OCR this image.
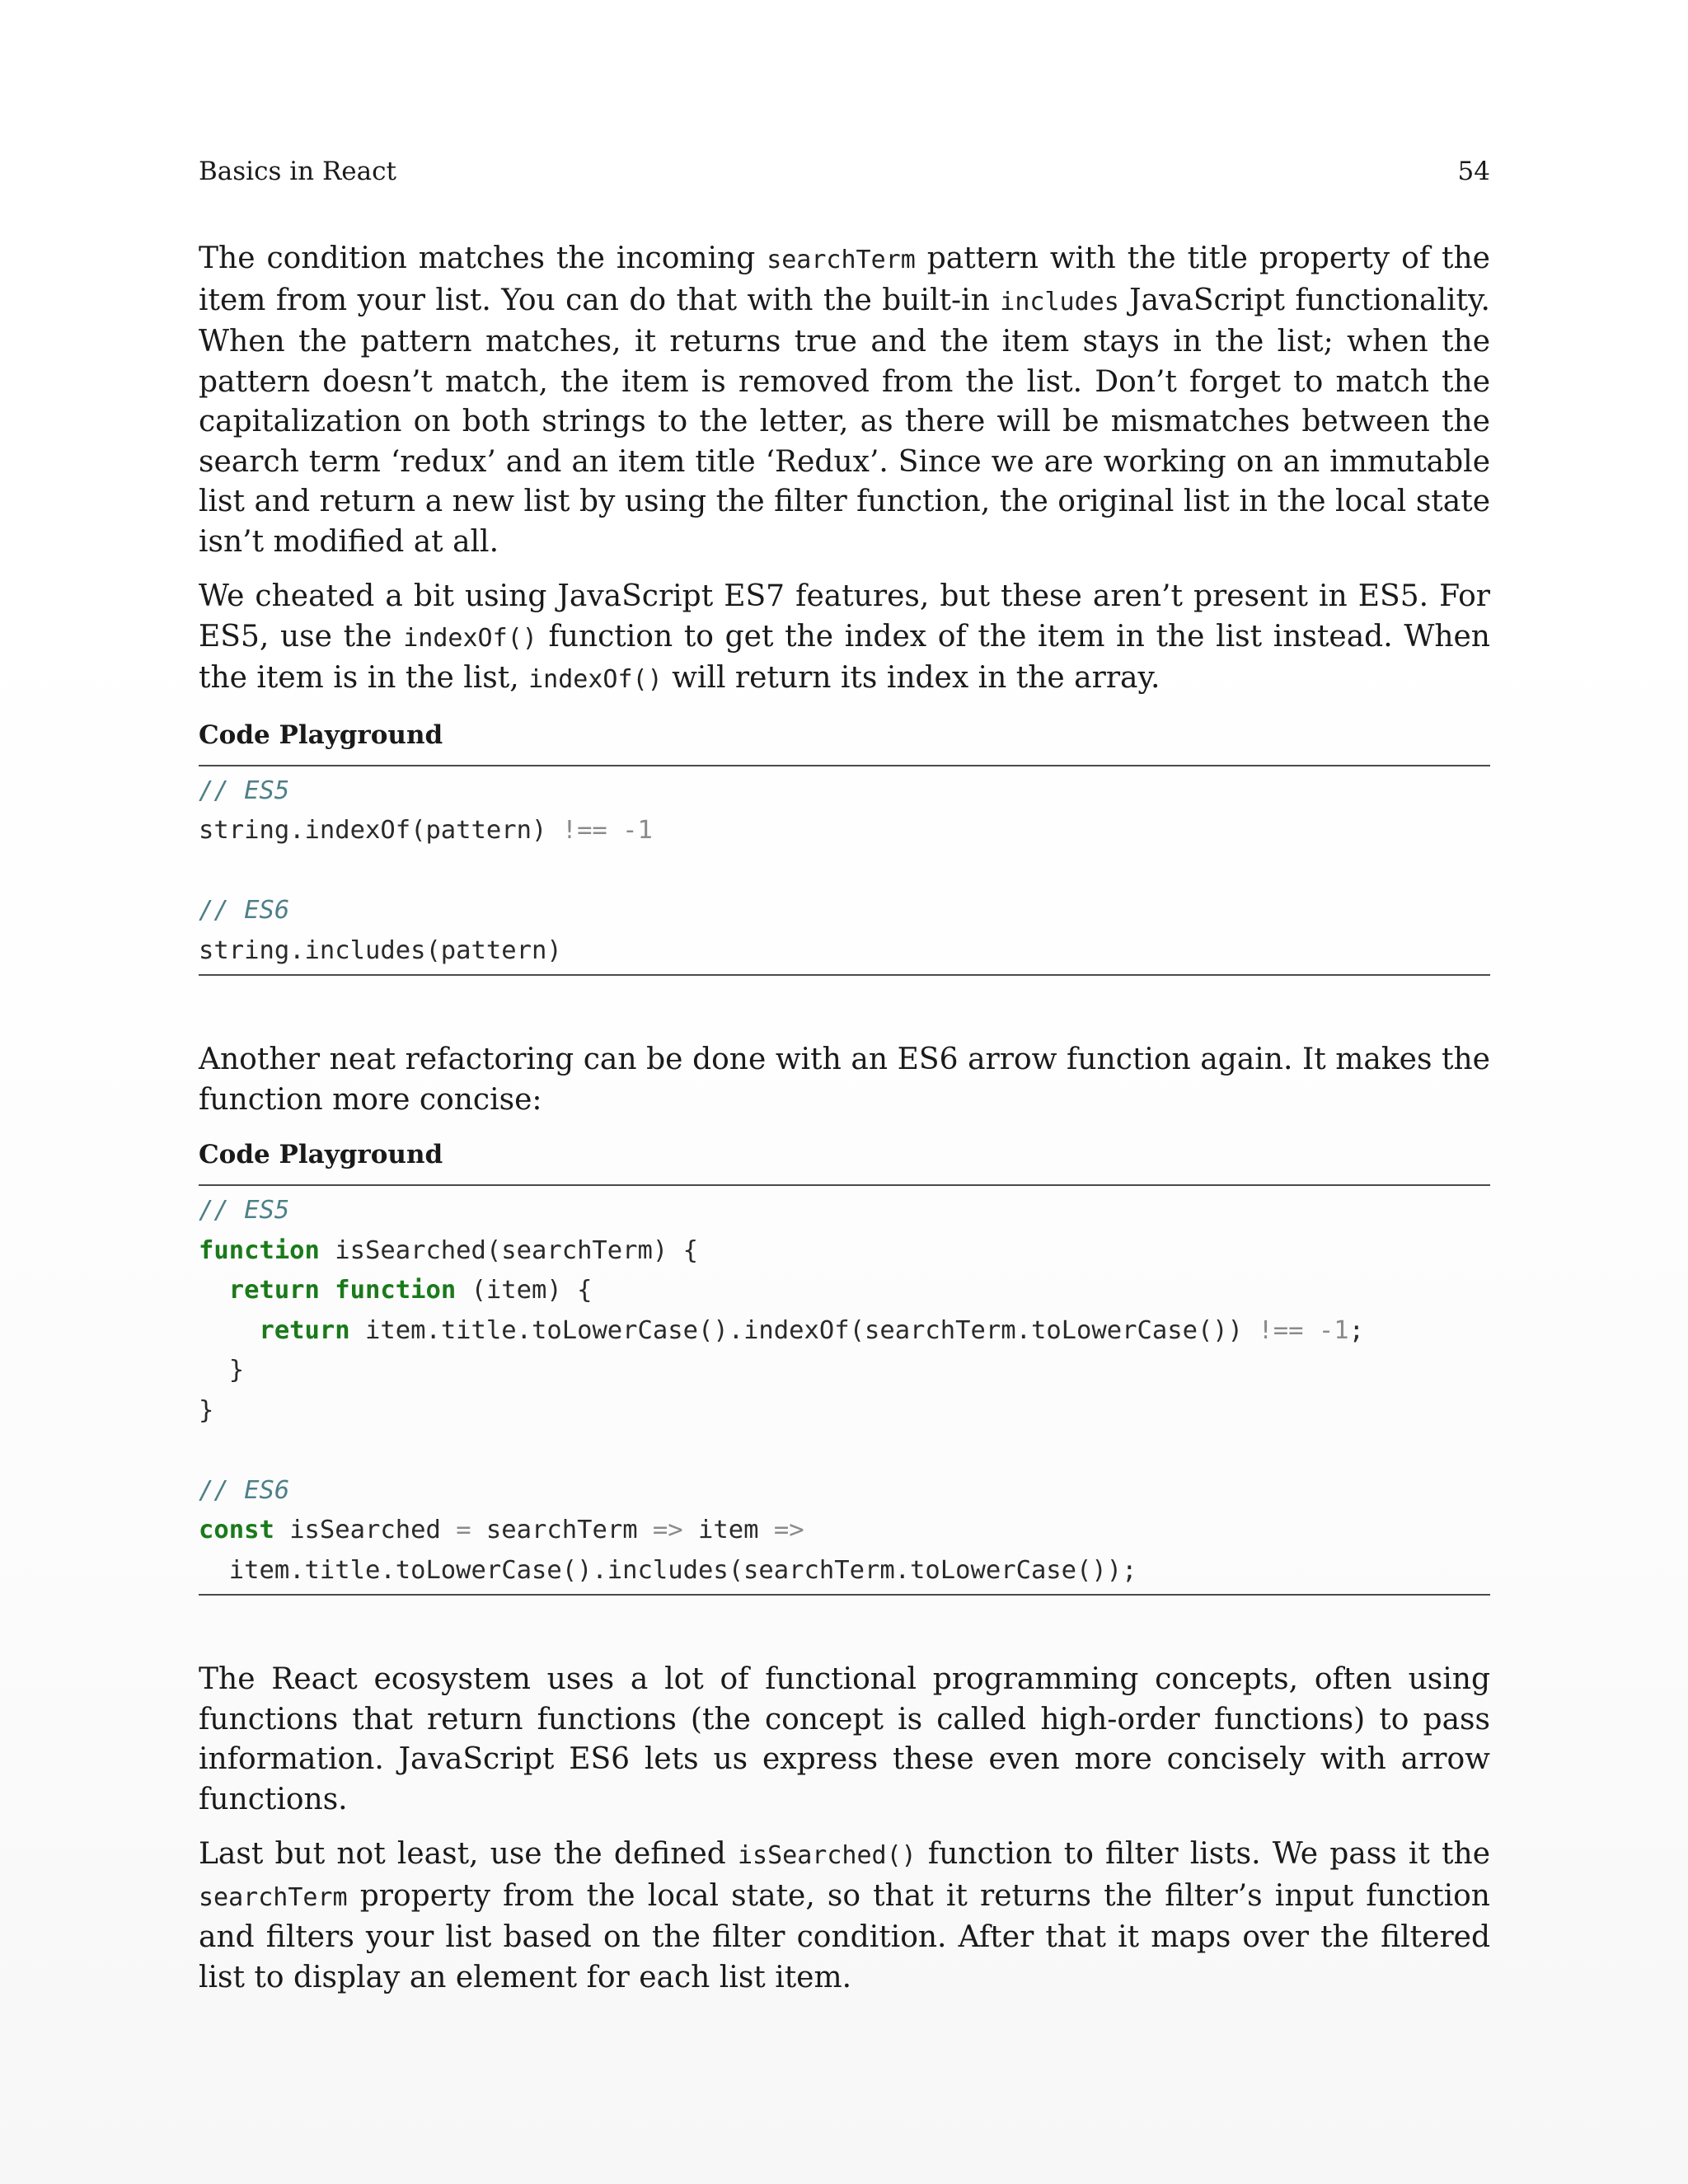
Basics in React	54

The condition matches the incoming searchTerm pattern with the title property of the item from your list. You can do that with the built-in includes JavaScript functionality. When the pattern matches, it returns true and the item stays in the list; when the pattern doesn’t match, the item is removed from the list. Don’t forget to match the capitalization on both strings to the letter, as there will be mismatches between the search term ‘redux’ and an item title ‘Redux’. Since we are working on an immutable list and return a new list by using the filter function, the original list in the local state isn’t modified at all.

We cheated a bit using JavaScript ES7 features, but these aren’t present in ES5. For ES5, use the indexOf() function to get the index of the item in the list instead. When the item is in the list, indexOf() will return its index in the array.

Code Playground
// ES5
string.indexOf(pattern) !== -1
// ES6
string.includes(pattern)

Another neat refactoring can be done with an ES6 arrow function again. It makes the function more concise:

Code Playground
// ES5
function isSearched(searchTerm) {
return function (item) {
return item.title.toLowerCase().indexOf(searchTerm.toLowerCase()) !== -1;
}
}
// ES6
const isSearched = searchTerm => item =>
item.title.toLowerCase().includes(searchTerm.toLowerCase());

The React ecosystem uses a lot of functional programming concepts, often using functions that return functions (the concept is called high-order functions) to pass information. JavaScript ES6 lets us express these even more concisely with arrow functions.

Last but not least, use the defined isSearched() function to filter lists. We pass it the searchTerm property from the local state, so that it returns the filter’s input function and filters your list based on the filter condition. After that it maps over the filtered list to display an element for each list item.
